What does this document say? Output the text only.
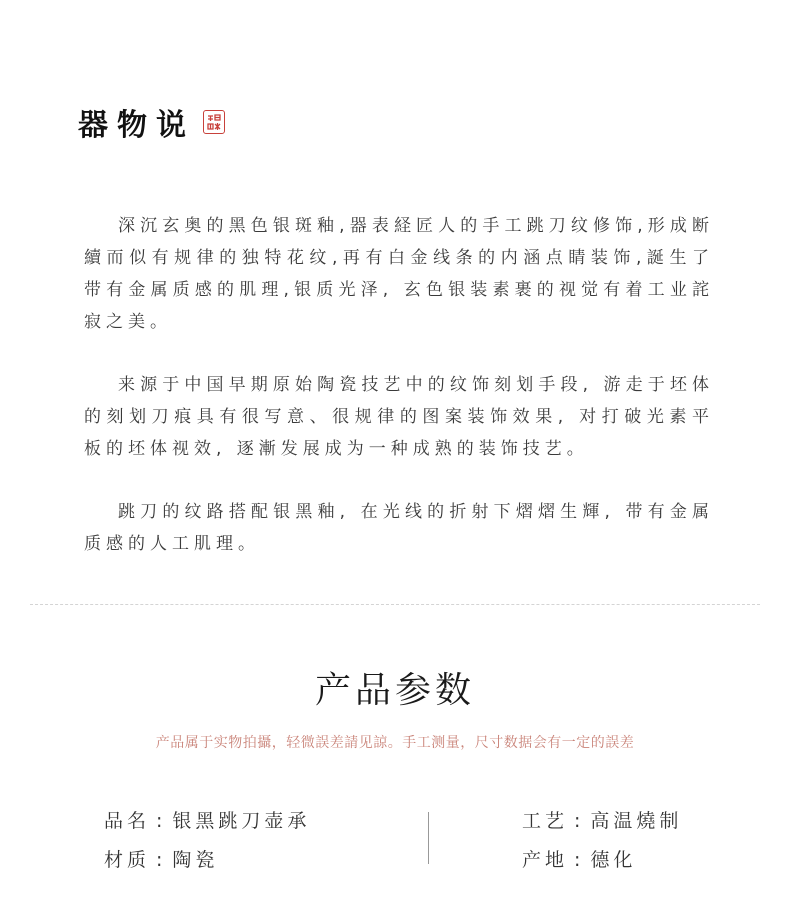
器物说

深沉玄奥的黑色银斑釉,器表経匠人的手工跳刀纹修饰,形成断續而似有规律的独特花纹,再有白金线条的内涵点睛装饰,誕生了带有金属质感的肌理,银质光泽, 玄色银装素裹的视觉有着工业詫寂之美。

来源于中国早期原始陶瓷技艺中的纹饰刻划手段, 游走于坯体的刻划刀痕具有很写意、很规律的图案装饰效果, 对打破光素平板的坯体视效, 逐漸发展成为一种成熟的装饰技艺。

跳刀的纹路搭配银黑釉, 在光线的折射下熠熠生輝, 带有金属质感的人工肌理。

产品参数
产品属于实物拍攝，轻微誤差請见諒。手工测量，尺寸数据会有一定的誤差
品名 : 银黑跳刀壶承
材质 : 陶瓷
工艺 : 高温燒制
产地 : 德化
